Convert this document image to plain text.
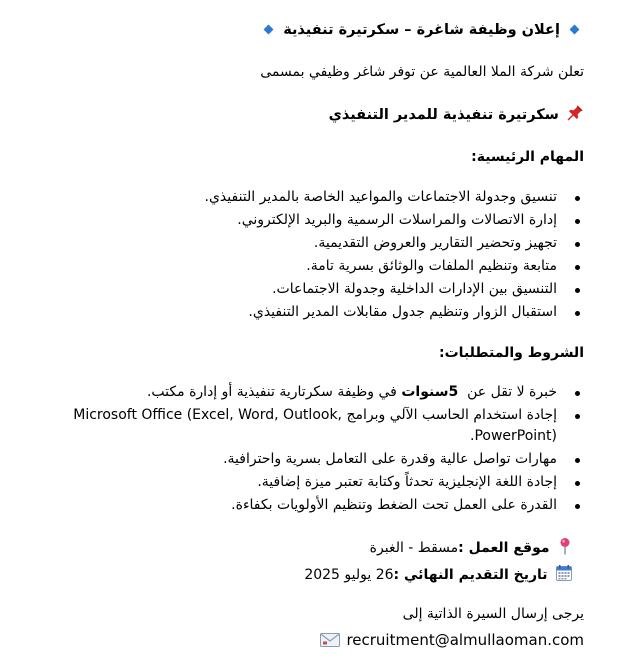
إعلان وظيفة شاغرة – سكرتيرة تنفيذية
تعلن شركة الملا العالمية عن توفر شاغر وظيفي بمسمى
سكرتيرة تنفيذية للمدير التنفيذي
المهام الرئيسية:
تنسيق وجدولة الاجتماعات والمواعيد الخاصة بالمدير التنفيذي.
إدارة الاتصالات والمراسلات الرسمية والبريد الإلكتروني.
تجهيز وتحضير التقارير والعروض التقديمية.
متابعة وتنظيم الملفات والوثائق بسرية تامة.
التنسيق بين الإدارات الداخلية وجدولة الاجتماعات.
استقبال الزوار وتنظيم جدول مقابلات المدير التنفيذي.
الشروط والمتطلبات:
خبرة لا تقل عن  5سنوات في وظيفة سكرتارية تنفيذية أو إدارة مكتب.
إجادة استخدام الحاسب الآلي وبرامج Microsoft Office (Excel, Word, Outlook, PowerPoint).
مهارات تواصل عالية وقدرة على التعامل بسرية واحترافية.
إجادة اللغة الإنجليزية تحدثاً وكتابة تعتبر ميزة إضافية.
القدرة على العمل تحت الضغط وتنظيم الأولويات بكفاءة.
موقع العمل :مسقط - الغبرة
تاريخ التقديم النهائي :26 يوليو 2025
يرجى إرسال السيرة الذاتية إلى
recruitment@almullaoman.com
